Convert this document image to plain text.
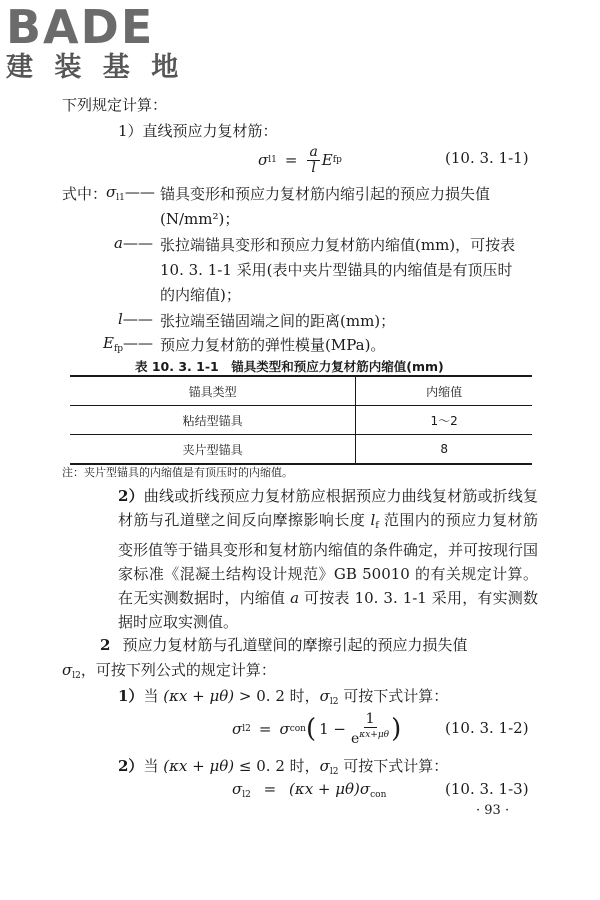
BADE
建 装 基 地
下列规定计算：
1）直线预应力复材筋：
σ $l1 = \frac{a}{l}$ E fp	(10. 3. 1-1)
式中：
$\sigma_{l1}——$ 锚具变形和预应力复材筋内缩引起的预应力损失值
(N/mm²)；
a—— 张拉端锚具变形和预应力复材筋内缩值(mm)，可按表
10. 3. 1-1 采用(表中夹片型锚具的内缩值是有顶压时
的内缩值)；
l—— 张拉端至锚固端之间的距离(mm)；
$E_{fp}——$ 预应力复材筋的弹性模量(MPa)。
表 10. 3. 1-1　锚具类型和预应力复材筋内缩值(mm)
锚具类型	内缩值
粘结型锚具	1～2
夹片型锚具	8
注：夹片型锚具的内缩值是有顶压时的内缩值。
2）曲线或折线预应力复材筋应根据预应力曲线复材筋或折线复材筋与孔道壁之间反向摩擦影响长度 $l_f$ 范围内的预应力复材筋变形值等于锚具变形和复材筋内缩值的条件确定，并可按现行国家标准《混凝土结构设计规范》GB 50010 的有关规定计算。在无实测数据时，内缩值 a 可按表 10. 3. 1-1 采用，有实测数据时应取实测值。
2 预应力复材筋与孔道壁间的摩擦引起的预应力损失值
$\sigma_{l2}$，可按下列公式的规定计算：
1）当 (κx + μθ) > 0. 2 时，$\sigma_{l2}$ 可按下式计算：
σ l2 = σ con ( $1 - \frac{1}{e^{\kappa x+\mu\theta}}$ )	(10. 3. 1-2)
2）当 (κx + μθ) ≤ 0. 2 时，$\sigma_{l2}$ 可按下式计算：
$\sigma_{l2} = (\kappa x + \mu\theta)\sigma_{con}$	(10. 3. 1-3)
· 93 ·
